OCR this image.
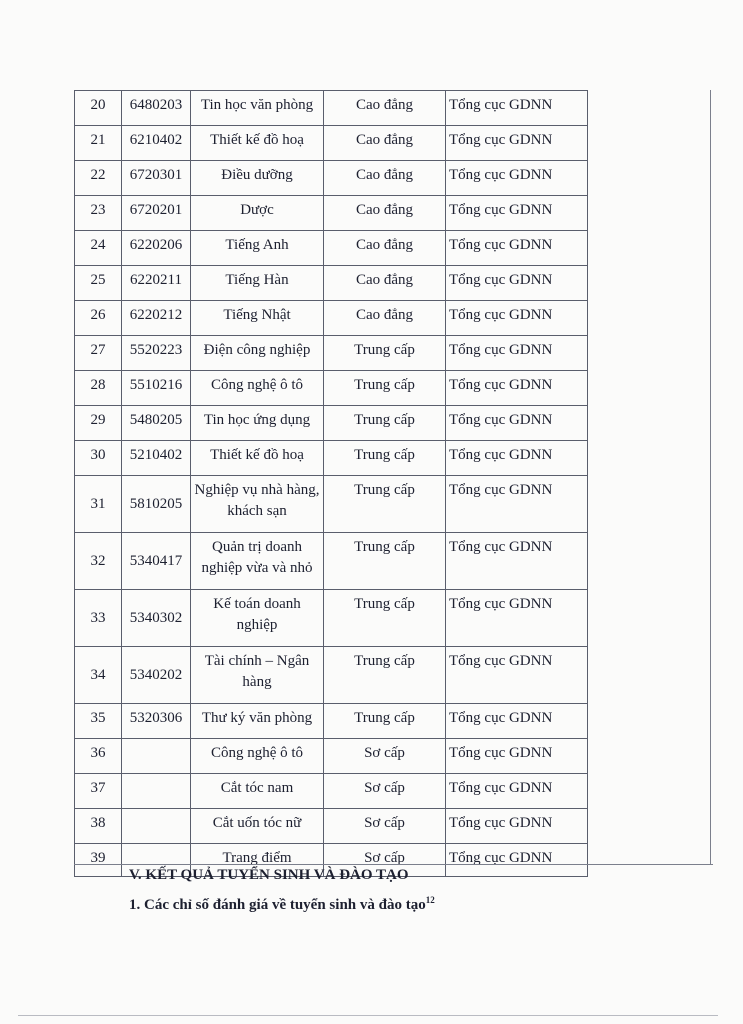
20	6480203	Tin học văn phòng	Cao đẳng	Tổng cục GDNN
21	6210402	Thiết kế đồ hoạ	Cao đẳng	Tổng cục GDNN
22	6720301	Điều dưỡng	Cao đẳng	Tổng cục GDNN
23	6720201	Dược	Cao đẳng	Tổng cục GDNN
24	6220206	Tiếng Anh	Cao đẳng	Tổng cục GDNN
25	6220211	Tiếng Hàn	Cao đẳng	Tổng cục GDNN
26	6220212	Tiếng Nhật	Cao đẳng	Tổng cục GDNN
27	5520223	Điện công nghiệp	Trung cấp	Tổng cục GDNN
28	5510216	Công nghệ ô tô	Trung cấp	Tổng cục GDNN
29	5480205	Tin học ứng dụng	Trung cấp	Tổng cục GDNN
30	5210402	Thiết kế đồ hoạ	Trung cấp	Tổng cục GDNN
31	5810205	Nghiệp vụ nhà hàng, khách sạn	Trung cấp	Tổng cục GDNN
32	5340417	Quản trị doanh nghiệp vừa và nhỏ	Trung cấp	Tổng cục GDNN
33	5340302	Kế toán doanh nghiệp	Trung cấp	Tổng cục GDNN
34	5340202	Tài chính – Ngân hàng	Trung cấp	Tổng cục GDNN
35	5320306	Thư ký văn phòng	Trung cấp	Tổng cục GDNN
36		Công nghệ ô tô	Sơ cấp	Tổng cục GDNN
37		Cắt tóc nam	Sơ cấp	Tổng cục GDNN
38		Cắt uốn tóc nữ	Sơ cấp	Tổng cục GDNN
39		Trang điểm	Sơ cấp	Tổng cục GDNN
V. KẾT QUẢ TUYỂN SINH VÀ ĐÀO TẠO
1. Các chỉ số đánh giá về tuyển sinh và đào tạo$^{12}$
